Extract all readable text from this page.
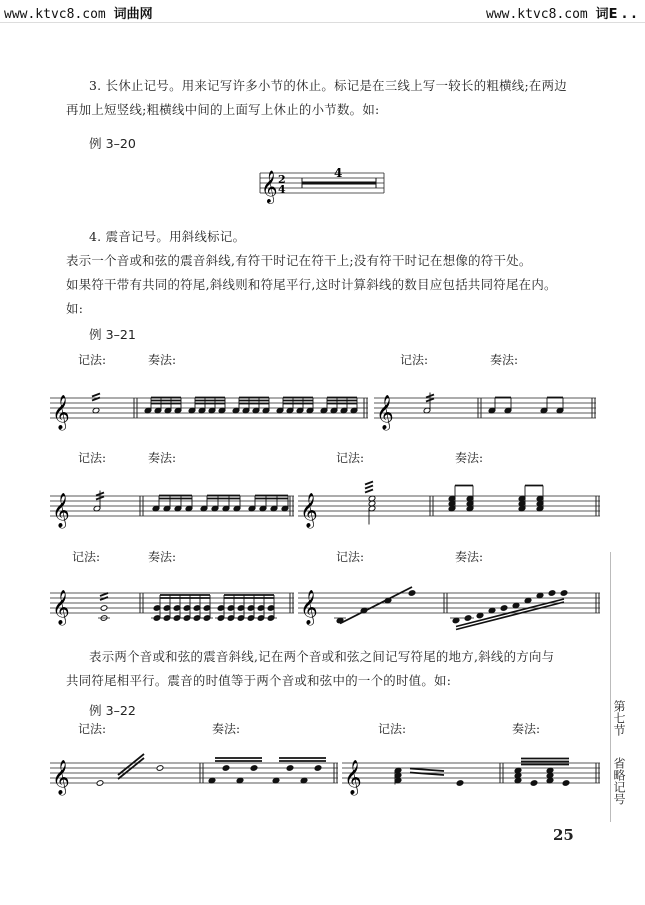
www.ktvc8.com 词曲网	www.ktvc8.com 词E . .
3. 长休止记号。用来记写许多小节的休止。标记是在三线上写一较长的粗横线;在两边
再加上短竖线;粗横线中间的上面写上休止的小节数。如:
例 3–20
4. 震音记号。用斜线标记。
表示一个音或和弦的震音斜线,有符干时记在符干上;没有符干时记在想像的符干处。
如果符干带有共同的符尾,斜线则和符尾平行,这时计算斜线的数目应包括共同符尾在内。
如:
例 3–21
表示两个音或和弦的震音斜线,记在两个音或和弦之间记写符尾的地方,斜线的方向与
共同符尾相平行。震音的时值等于两个音或和弦中的一个的时值。如:
例 3–22
记法:	奏法:	记法:	奏法:
记法:	奏法:	记法:	奏法:
记法:	奏法:	记法:	奏法:
记法:	奏法:	记法:	奏法:	第七节
省略记号
25
𝄞 2
4
4
𝄞	𝄞
𝄞	𝄞
𝄞	𝄞
𝄞	𝄞
